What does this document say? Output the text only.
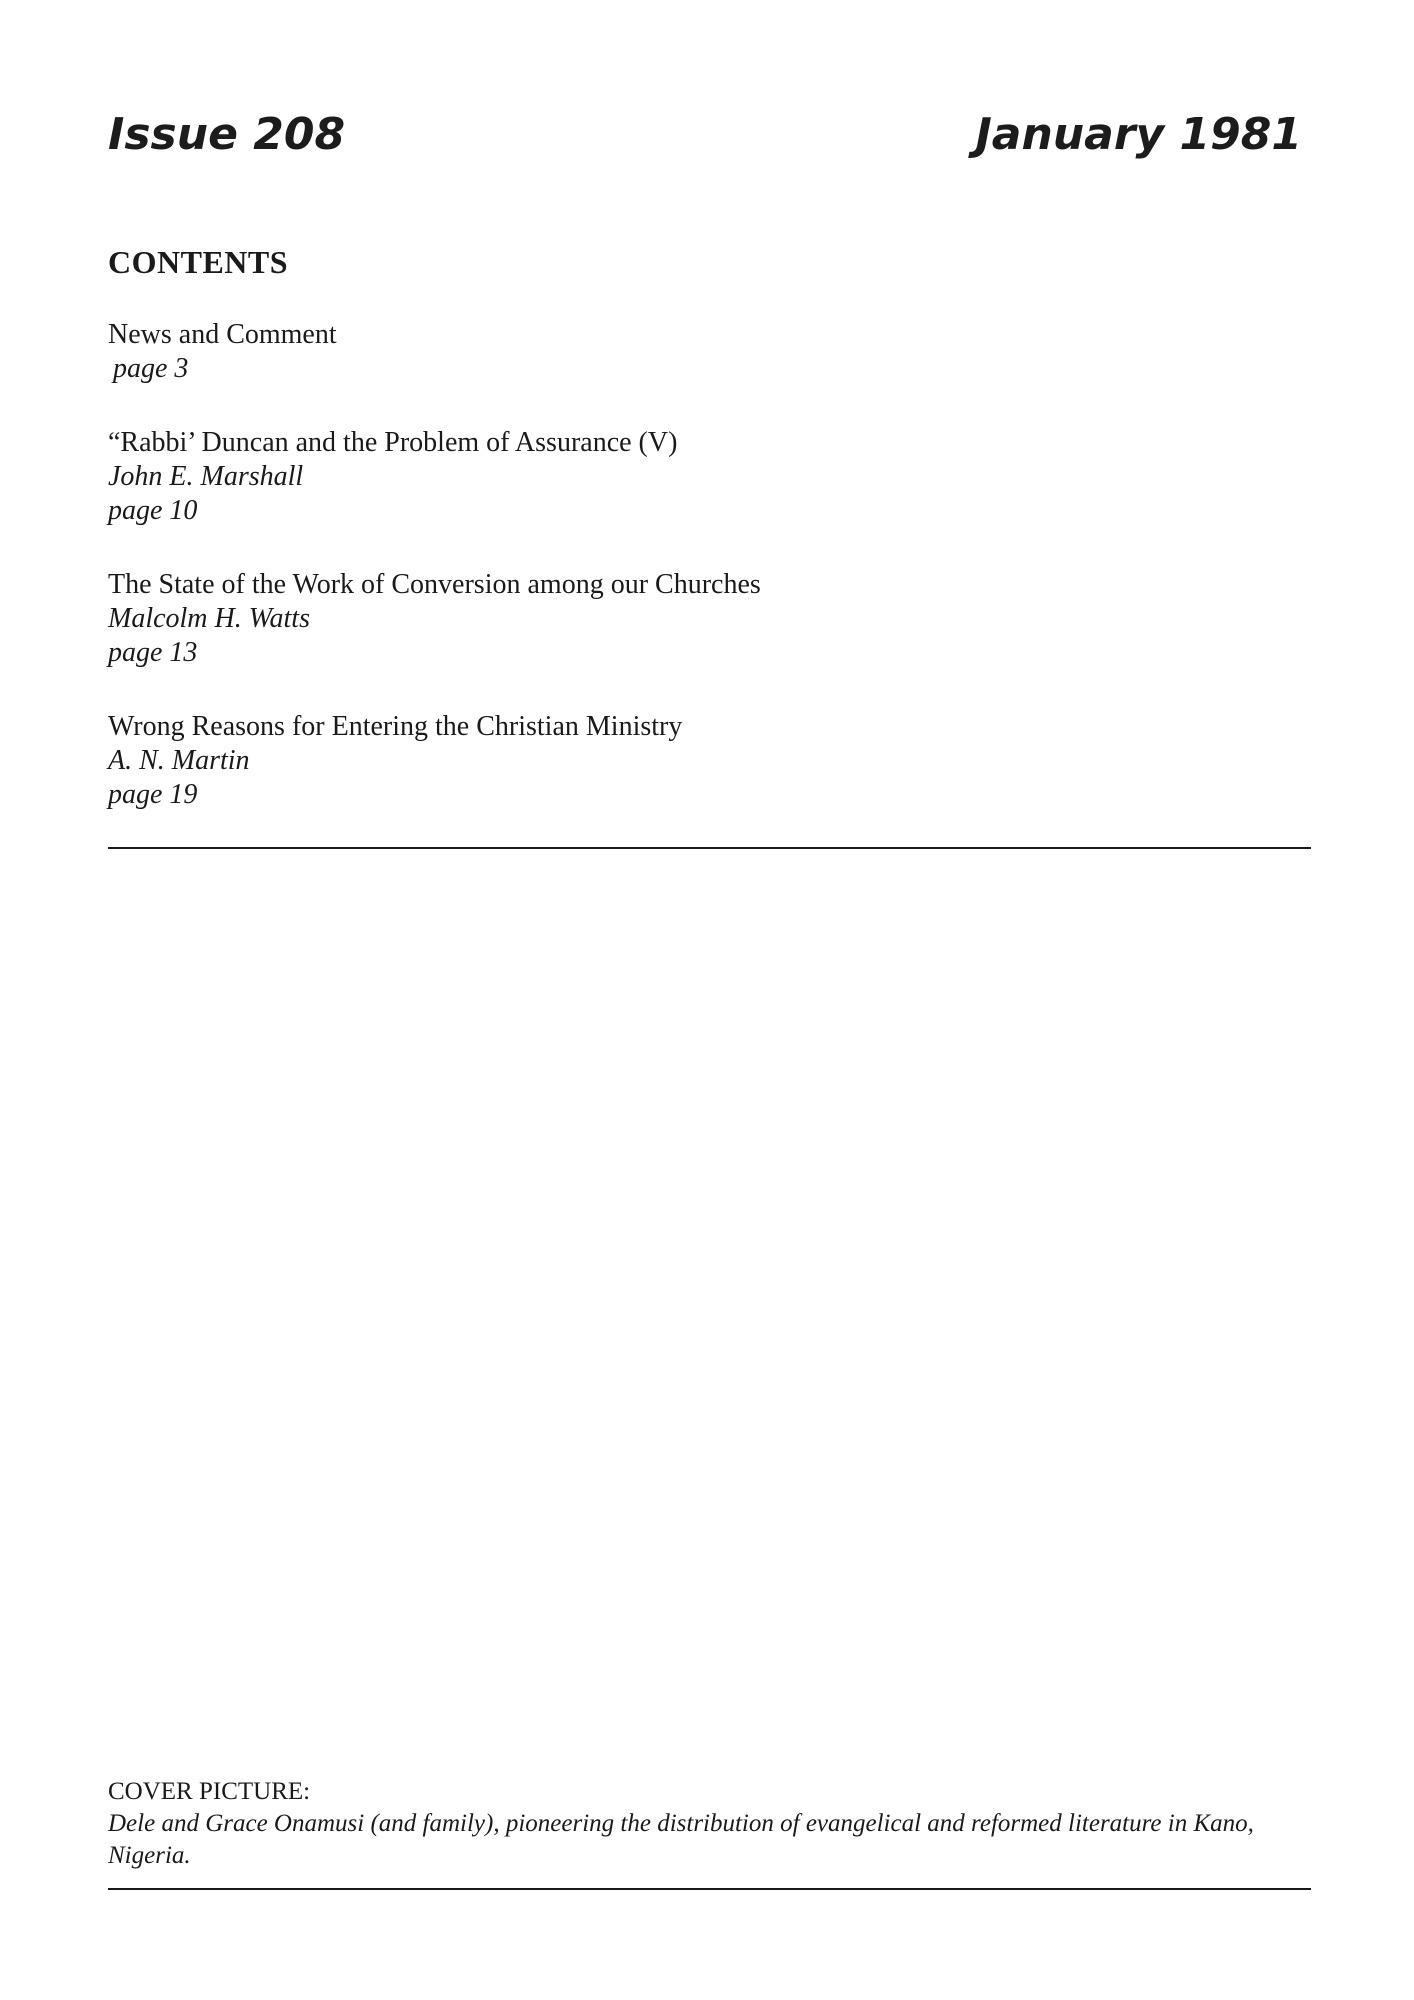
Issue 208	January 1981
CONTENTS
News and Comment
page 3
“Rabbi’ Duncan and the Problem of Assurance (V)
John E. Marshall
page 10
The State of the Work of Conversion among our Churches
Malcolm H. Watts
page 13
Wrong Reasons for Entering the Christian Ministry
A. N. Martin
page 19
COVER PICTURE:
Dele and Grace Onamusi (and family), pioneering the distribution of evangelical and reformed literature in Kano, Nigeria.
